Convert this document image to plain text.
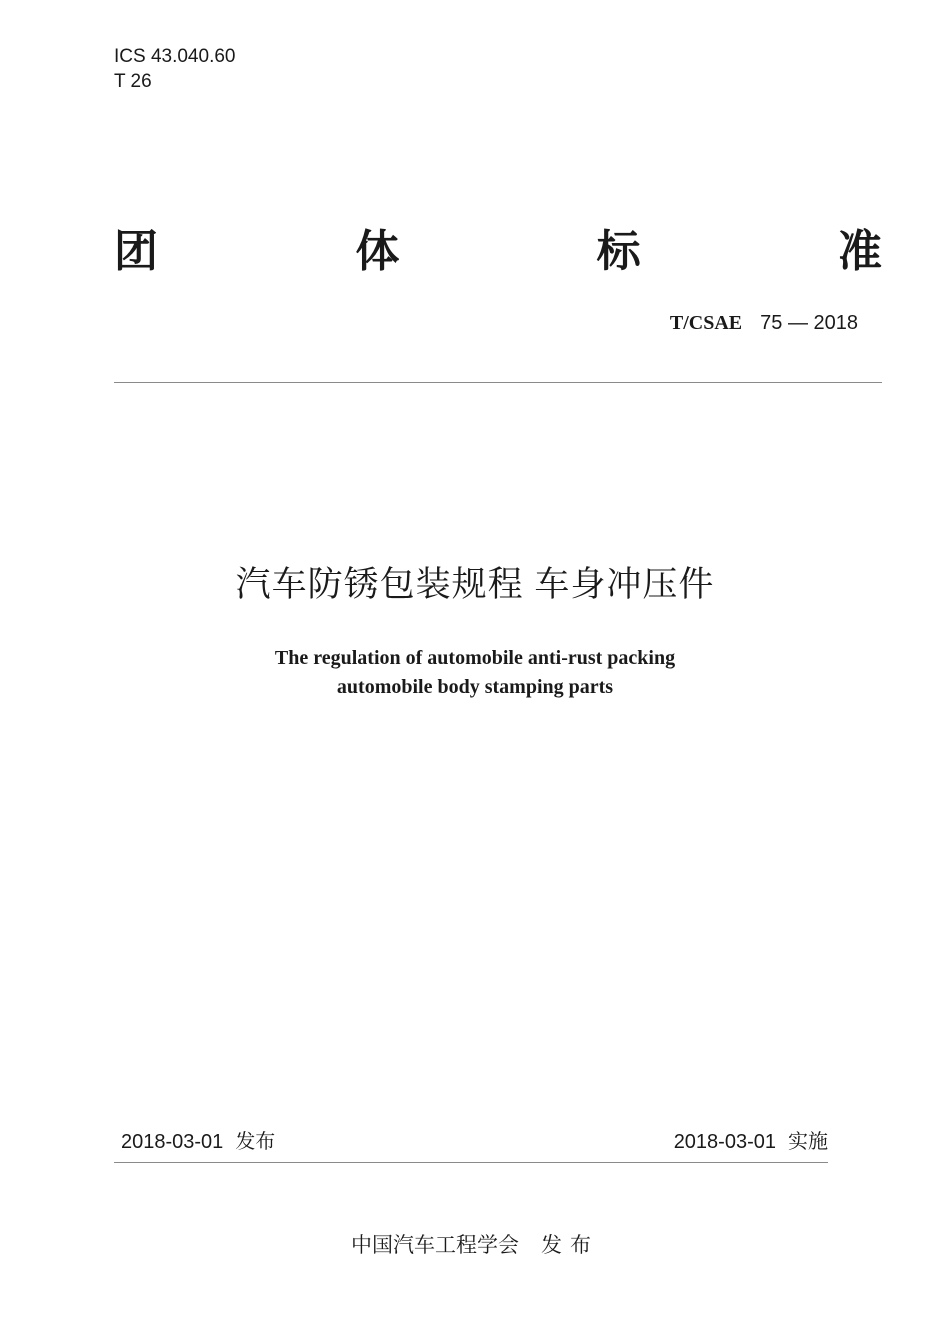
ICS 43.040.60
T 26
团	体	标	准
T/CSAE 75 — 2018
汽车防锈包装规程 车身冲压件
The regulation of automobile anti-rust packing
automobile body stamping parts
2018-03-01 发布	2018-03-01 实施
中国汽车工程学会 发布
